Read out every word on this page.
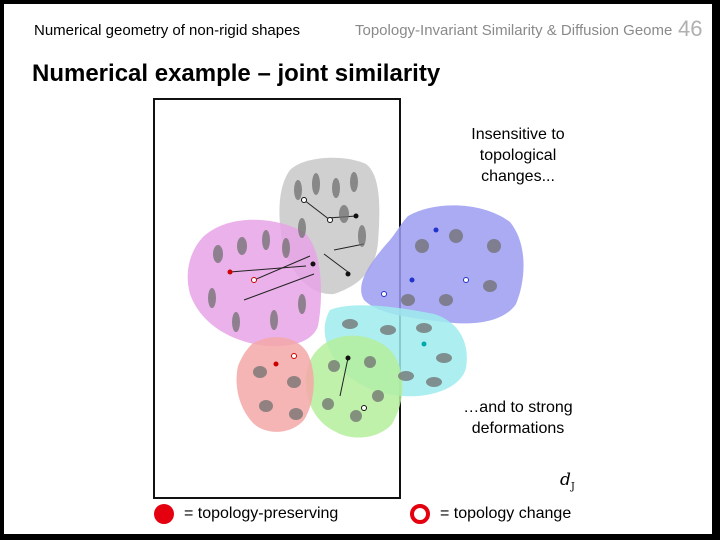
Numerical geometry of non-rigid shapes	Topology-Invariant Similarity & Diffusion Geome 46
Numerical example – joint similarity
Insensitive to topological changes...
…and to strong deformations
$d_J$
= topology-preserving	= topology change
